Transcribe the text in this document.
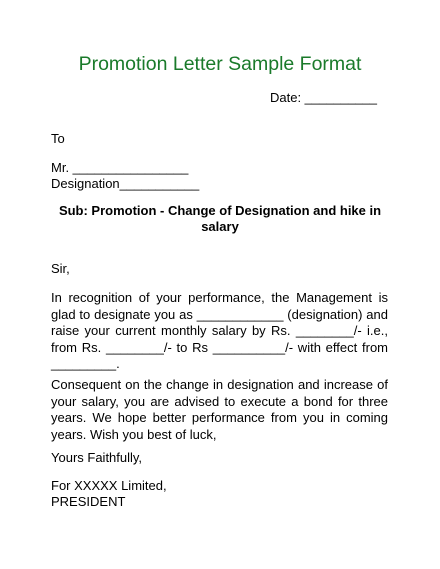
Promotion Letter Sample Format
Date: __________
To
Mr. ________________
Designation___________
Sub: Promotion - Change of Designation and hike in salary
Sir,
In recognition of your performance, the Management is
glad to designate you as ____________ (designation) and
raise your current monthly salary by Rs. ________/- i.e.,
from Rs. ________/- to Rs __________/- with effect from
_________.
Consequent on the change in designation and increase of
your salary, you are advised to execute a bond for three
years. We hope better performance from you in coming
years. Wish you best of luck,
Yours Faithfully,
For XXXXX Limited,
PRESIDENT
